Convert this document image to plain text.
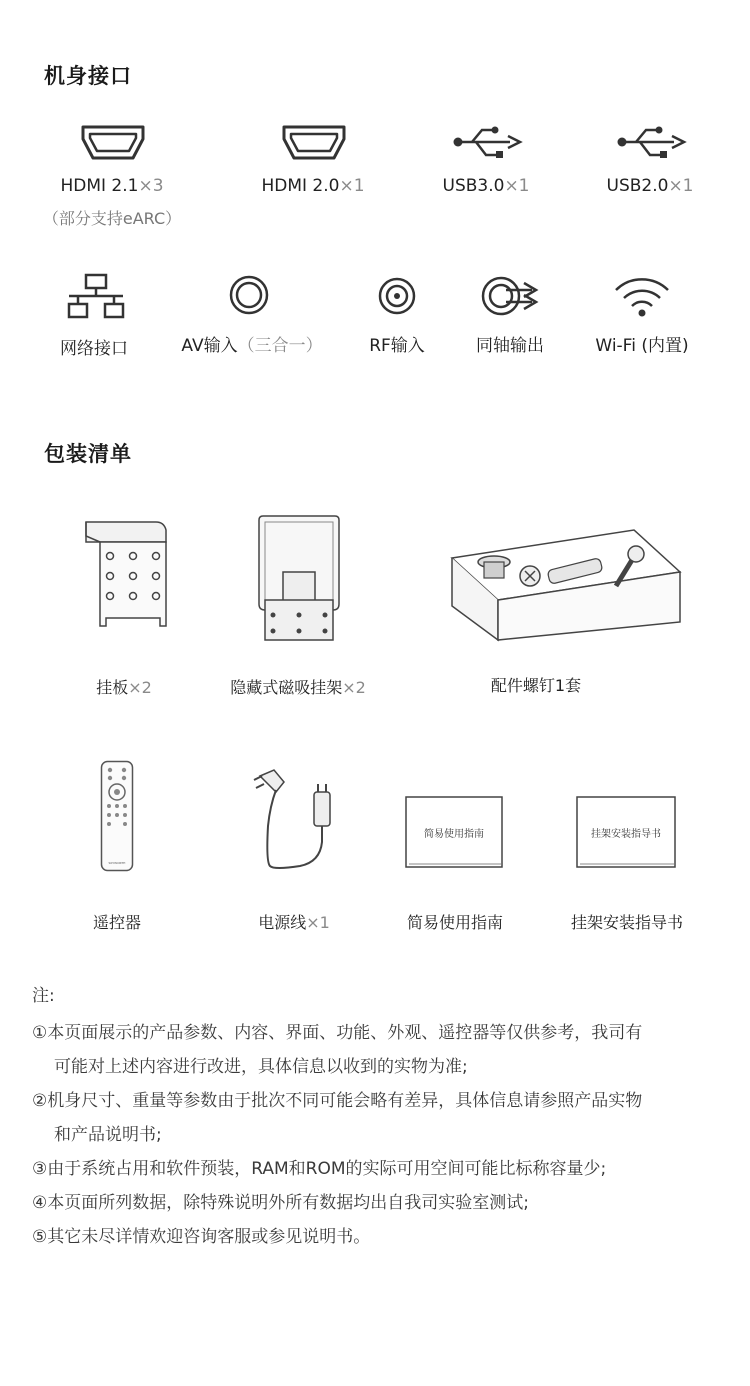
机身接口
HDMI 2.1×3
（部分支持eARC）
HDMI 2.0×1	USB3.0×1	USB2.0×1
网络接口	AV输入（三合一）	RF输入	同轴输出	Wi-Fi (内置)
包装清单
挂板×2	隐藏式磁吸挂架×2	配件螺钉1套
SKYWORTH
遥控器	电源线×1
简易使用指南
简易使用指南
挂架安装指导书
挂架安装指导书
注:
①本页面展示的产品参数、内容、界面、功能、外观、遥控器等仅供参考，我司有
可能对上述内容进行改进，具体信息以收到的实物为准;
②机身尺寸、重量等参数由于批次不同可能会略有差异，具体信息请参照产品实物
和产品说明书;
③由于系统占用和软件预装，RAM和ROM的实际可用空间可能比标称容量少;
④本页面所列数据，除特殊说明外所有数据均出自我司实验室测试;
⑤其它未尽详情欢迎咨询客服或参见说明书。
